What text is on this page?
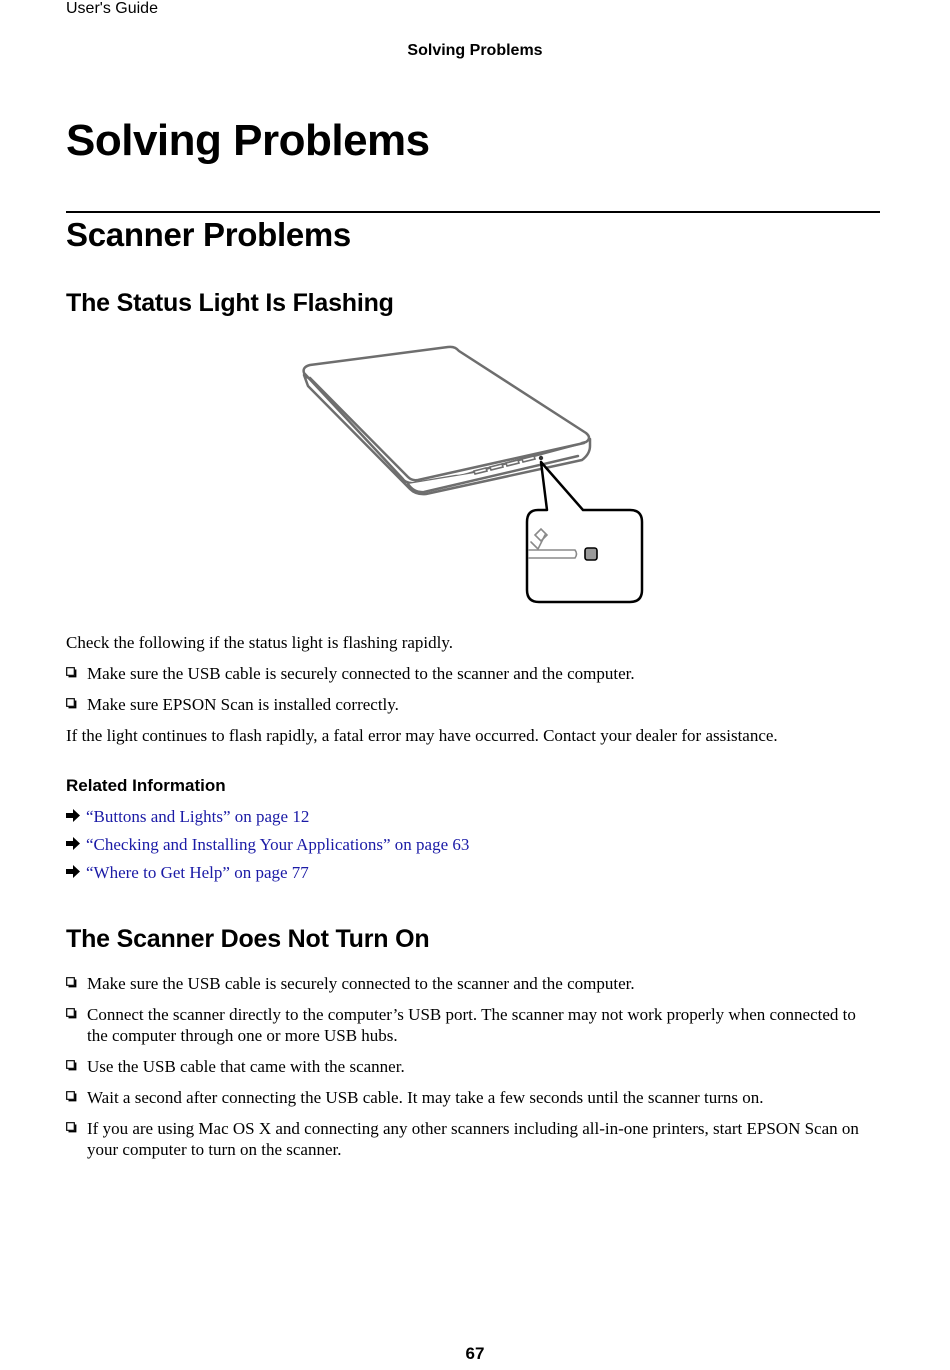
User's Guide
Solving Problems
Solving Problems
Scanner Problems
The Status Light Is Flashing
Check the following if the status light is flashing rapidly.
Make sure the USB cable is securely connected to the scanner and the computer.
Make sure EPSON Scan is installed correctly.
If the light continues to flash rapidly, a fatal error may have occurred. Contact your dealer for assistance.
Related Information
“Buttons and Lights” on page 12
“Checking and Installing Your Applications” on page 63
“Where to Get Help” on page 77
The Scanner Does Not Turn On
Make sure the USB cable is securely connected to the scanner and the computer.
Connect the scanner directly to the computer’s USB port. The scanner may not work properly when connected to the computer through one or more USB hubs.
Use the USB cable that came with the scanner.
Wait a second after connecting the USB cable. It may take a few seconds until the scanner turns on.
If you are using Mac OS X and connecting any other scanners including all-in-one printers, start EPSON Scan on your computer to turn on the scanner.
67
